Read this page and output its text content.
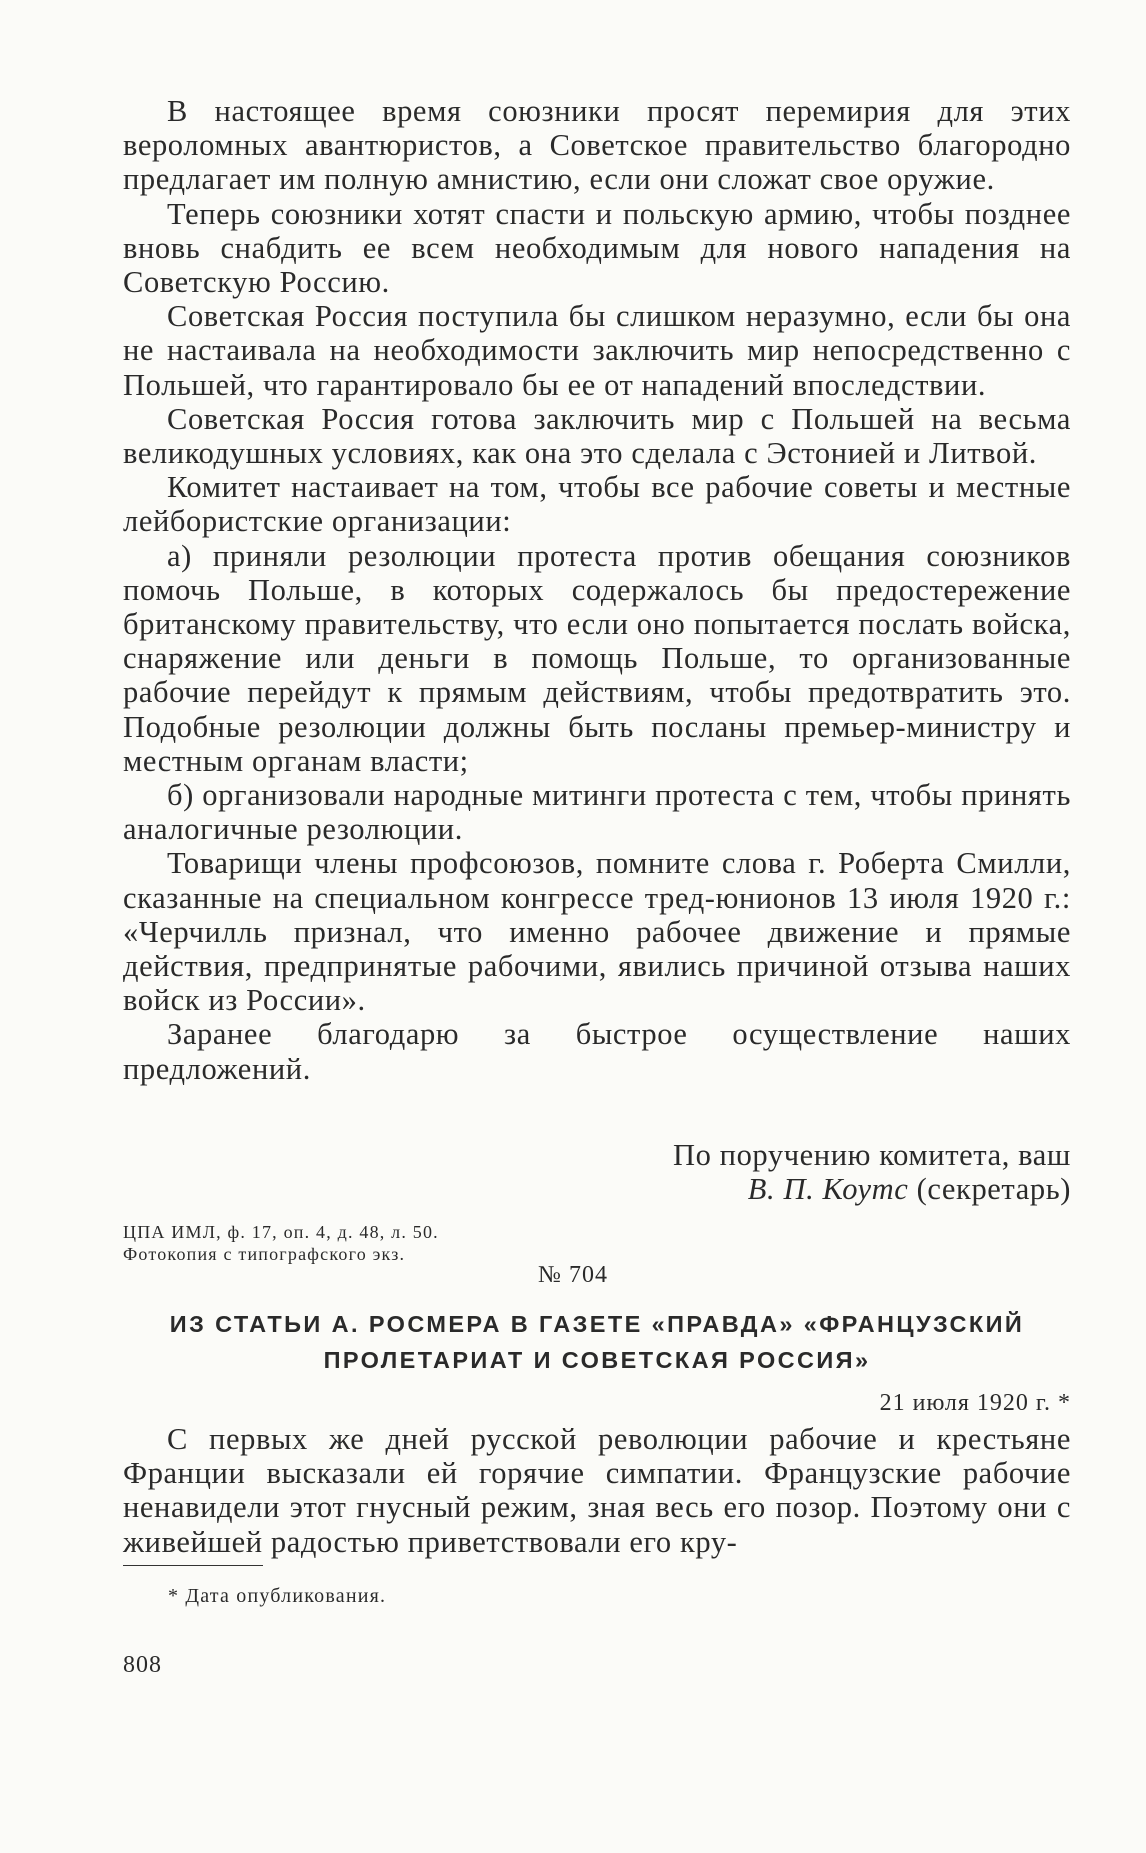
В настоящее время союзники просят перемирия для этих вероломных авантюристов, а Советское правительство благородно предлагает им полную амнистию, если они сложат свое оружие.

Теперь союзники хотят спасти и польскую армию, чтобы позднее вновь снабдить ее всем необходимым для нового нападения на Советскую Россию.

Советская Россия поступила бы слишком неразумно, если бы она не настаивала на необходимости заключить мир непосредственно с Польшей, что гарантировало бы ее от нападений впоследствии.

Советская Россия готова заключить мир с Польшей на весьма великодушных условиях, как она это сделала с Эстонией и Литвой.

Комитет настаивает на том, чтобы все рабочие советы и местные лейбористские организации:

а) приняли резолюции протеста против обещания союзников помочь Польше, в которых содержалось бы предостережение британскому правительству, что если оно попытается послать войска, снаряжение или деньги в помощь Польше, то организованные рабочие перейдут к прямым действиям, чтобы предотвратить это. Подобные резолюции должны быть посланы премьер-министру и местным органам власти;

б) организовали народные митинги протеста с тем, чтобы принять аналогичные резолюции.

Товарищи члены профсоюзов, помните слова г. Роберта Смилли, сказанные на специальном конгрессе тред-юнионов 13 июля 1920 г.: «Черчилль признал, что именно рабочее движение и прямые действия, предпринятые рабочими, явились причиной отзыва наших войск из России».

Заранее благодарю за быстрое осуществление наших предложений.

По поручению комитета, ваш
В. П. Коутс (секретарь)
ЦПА ИМЛ, ф. 17, оп. 4, д. 48, л. 50.
Фотокопия с типографского экз.
№ 704
ИЗ СТАТЬИ А. РОСМЕРА В ГАЗЕТЕ «ПРАВДА» «ФРАНЦУЗСКИЙ ПРОЛЕТАРИАТ И СОВЕТСКАЯ РОССИЯ»
21 июля 1920 г. *

С первых же дней русской революции рабочие и крестьяне Франции высказали ей горячие симпатии. Французские рабочие ненавидели этот гнусный режим, зная весь его позор. Поэтому они с живейшей радостью приветствовали его кру-

* Дата опубликования.
808
